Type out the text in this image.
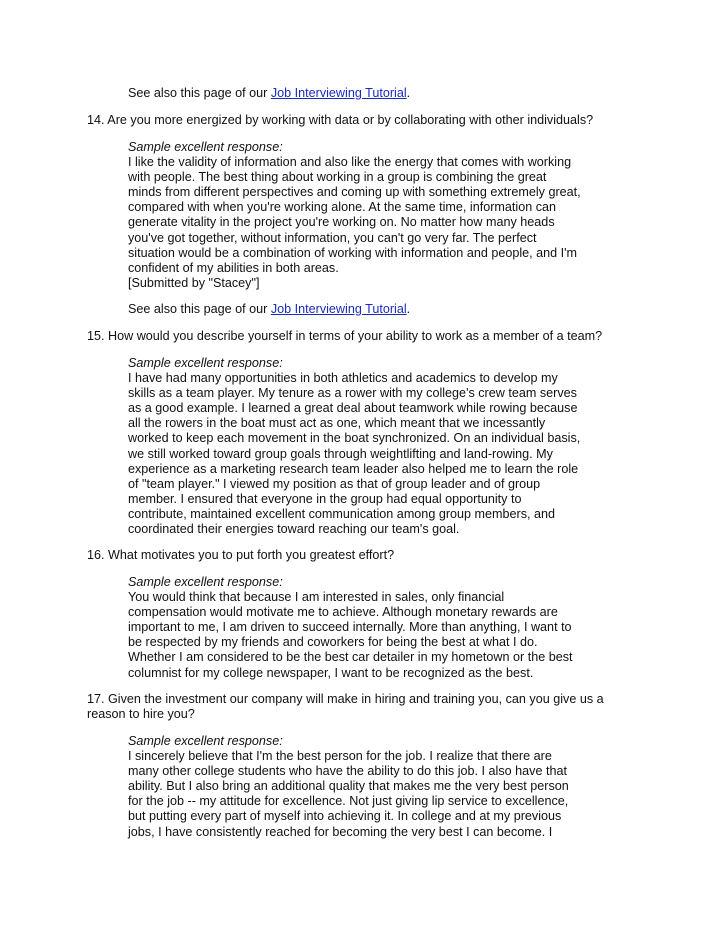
See also this page of our Job Interviewing Tutorial.
14. Are you more energized by working with data or by collaborating with other individuals?
Sample excellent response:
I like the validity of information and also like the energy that comes with working
with people. The best thing about working in a group is combining the great
minds from different perspectives and coming up with something extremely great,
compared with when you're working alone. At the same time, information can
generate vitality in the project you're working on. No matter how many heads
you've got together, without information, you can't go very far. The perfect
situation would be a combination of working with information and people, and I'm
confident of my abilities in both areas.
[Submitted by "Stacey"]
See also this page of our Job Interviewing Tutorial.
15. How would you describe yourself in terms of your ability to work as a member of a team?
Sample excellent response:
I have had many opportunities in both athletics and academics to develop my
skills as a team player. My tenure as a rower with my college's crew team serves
as a good example. I learned a great deal about teamwork while rowing because
all the rowers in the boat must act as one, which meant that we incessantly
worked to keep each movement in the boat synchronized. On an individual basis,
we still worked toward group goals through weightlifting and land-rowing. My
experience as a marketing research team leader also helped me to learn the role
of "team player." I viewed my position as that of group leader and of group
member. I ensured that everyone in the group had equal opportunity to
contribute, maintained excellent communication among group members, and
coordinated their energies toward reaching our team's goal.
16. What motivates you to put forth you greatest effort?
Sample excellent response:
You would think that because I am interested in sales, only financial
compensation would motivate me to achieve. Although monetary rewards are
important to me, I am driven to succeed internally. More than anything, I want to
be respected by my friends and coworkers for being the best at what I do.
Whether I am considered to be the best car detailer in my hometown or the best
columnist for my college newspaper, I want to be recognized as the best.
17. Given the investment our company will make in hiring and training you, can you give us a
reason to hire you?
Sample excellent response:
I sincerely believe that I'm the best person for the job. I realize that there are
many other college students who have the ability to do this job. I also have that
ability. But I also bring an additional quality that makes me the very best person
for the job -- my attitude for excellence. Not just giving lip service to excellence,
but putting every part of myself into achieving it. In college and at my previous
jobs, I have consistently reached for becoming the very best I can become. I
